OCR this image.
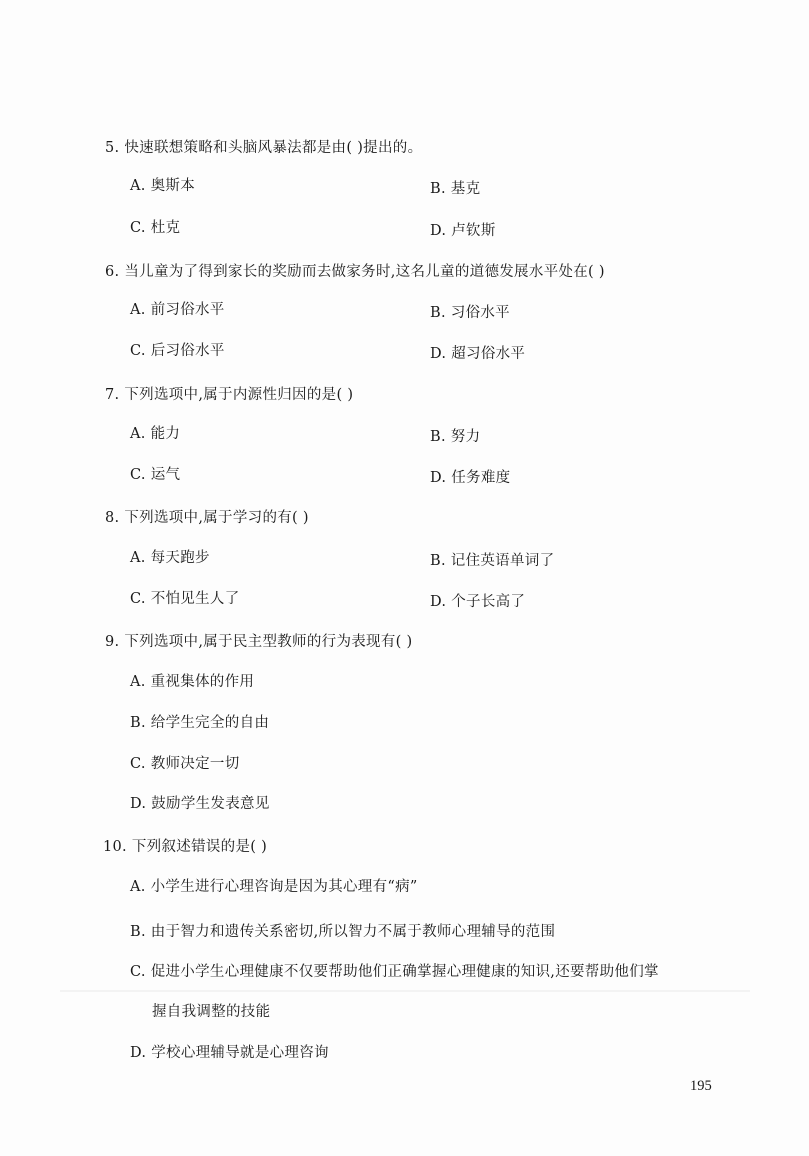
5. 快速联想策略和头脑风暴法都是由( )提出的。
A. 奥斯本	B. 基克
C. 杜克	D. 卢钦斯
6. 当儿童为了得到家长的奖励而去做家务时,这名儿童的道德发展水平处在( )
A. 前习俗水平	B. 习俗水平
C. 后习俗水平	D. 超习俗水平
7. 下列选项中,属于内源性归因的是( )
A. 能力	B. 努力
C. 运气	D. 任务难度
8. 下列选项中,属于学习的有( )
A. 每天跑步	B. 记住英语单词了
C. 不怕见生人了	D. 个子长高了
9. 下列选项中,属于民主型教师的行为表现有( )
A. 重视集体的作用
B. 给学生完全的自由
C. 教师决定一切
D. 鼓励学生发表意见
10. 下列叙述错误的是( )
A. 小学生进行心理咨询是因为其心理有“病”
B. 由于智力和遗传关系密切,所以智力不属于教师心理辅导的范围
C. 促进小学生心理健康不仅要帮助他们正确掌握心理健康的知识,还要帮助他们掌
握自我调整的技能
D. 学校心理辅导就是心理咨询
195
